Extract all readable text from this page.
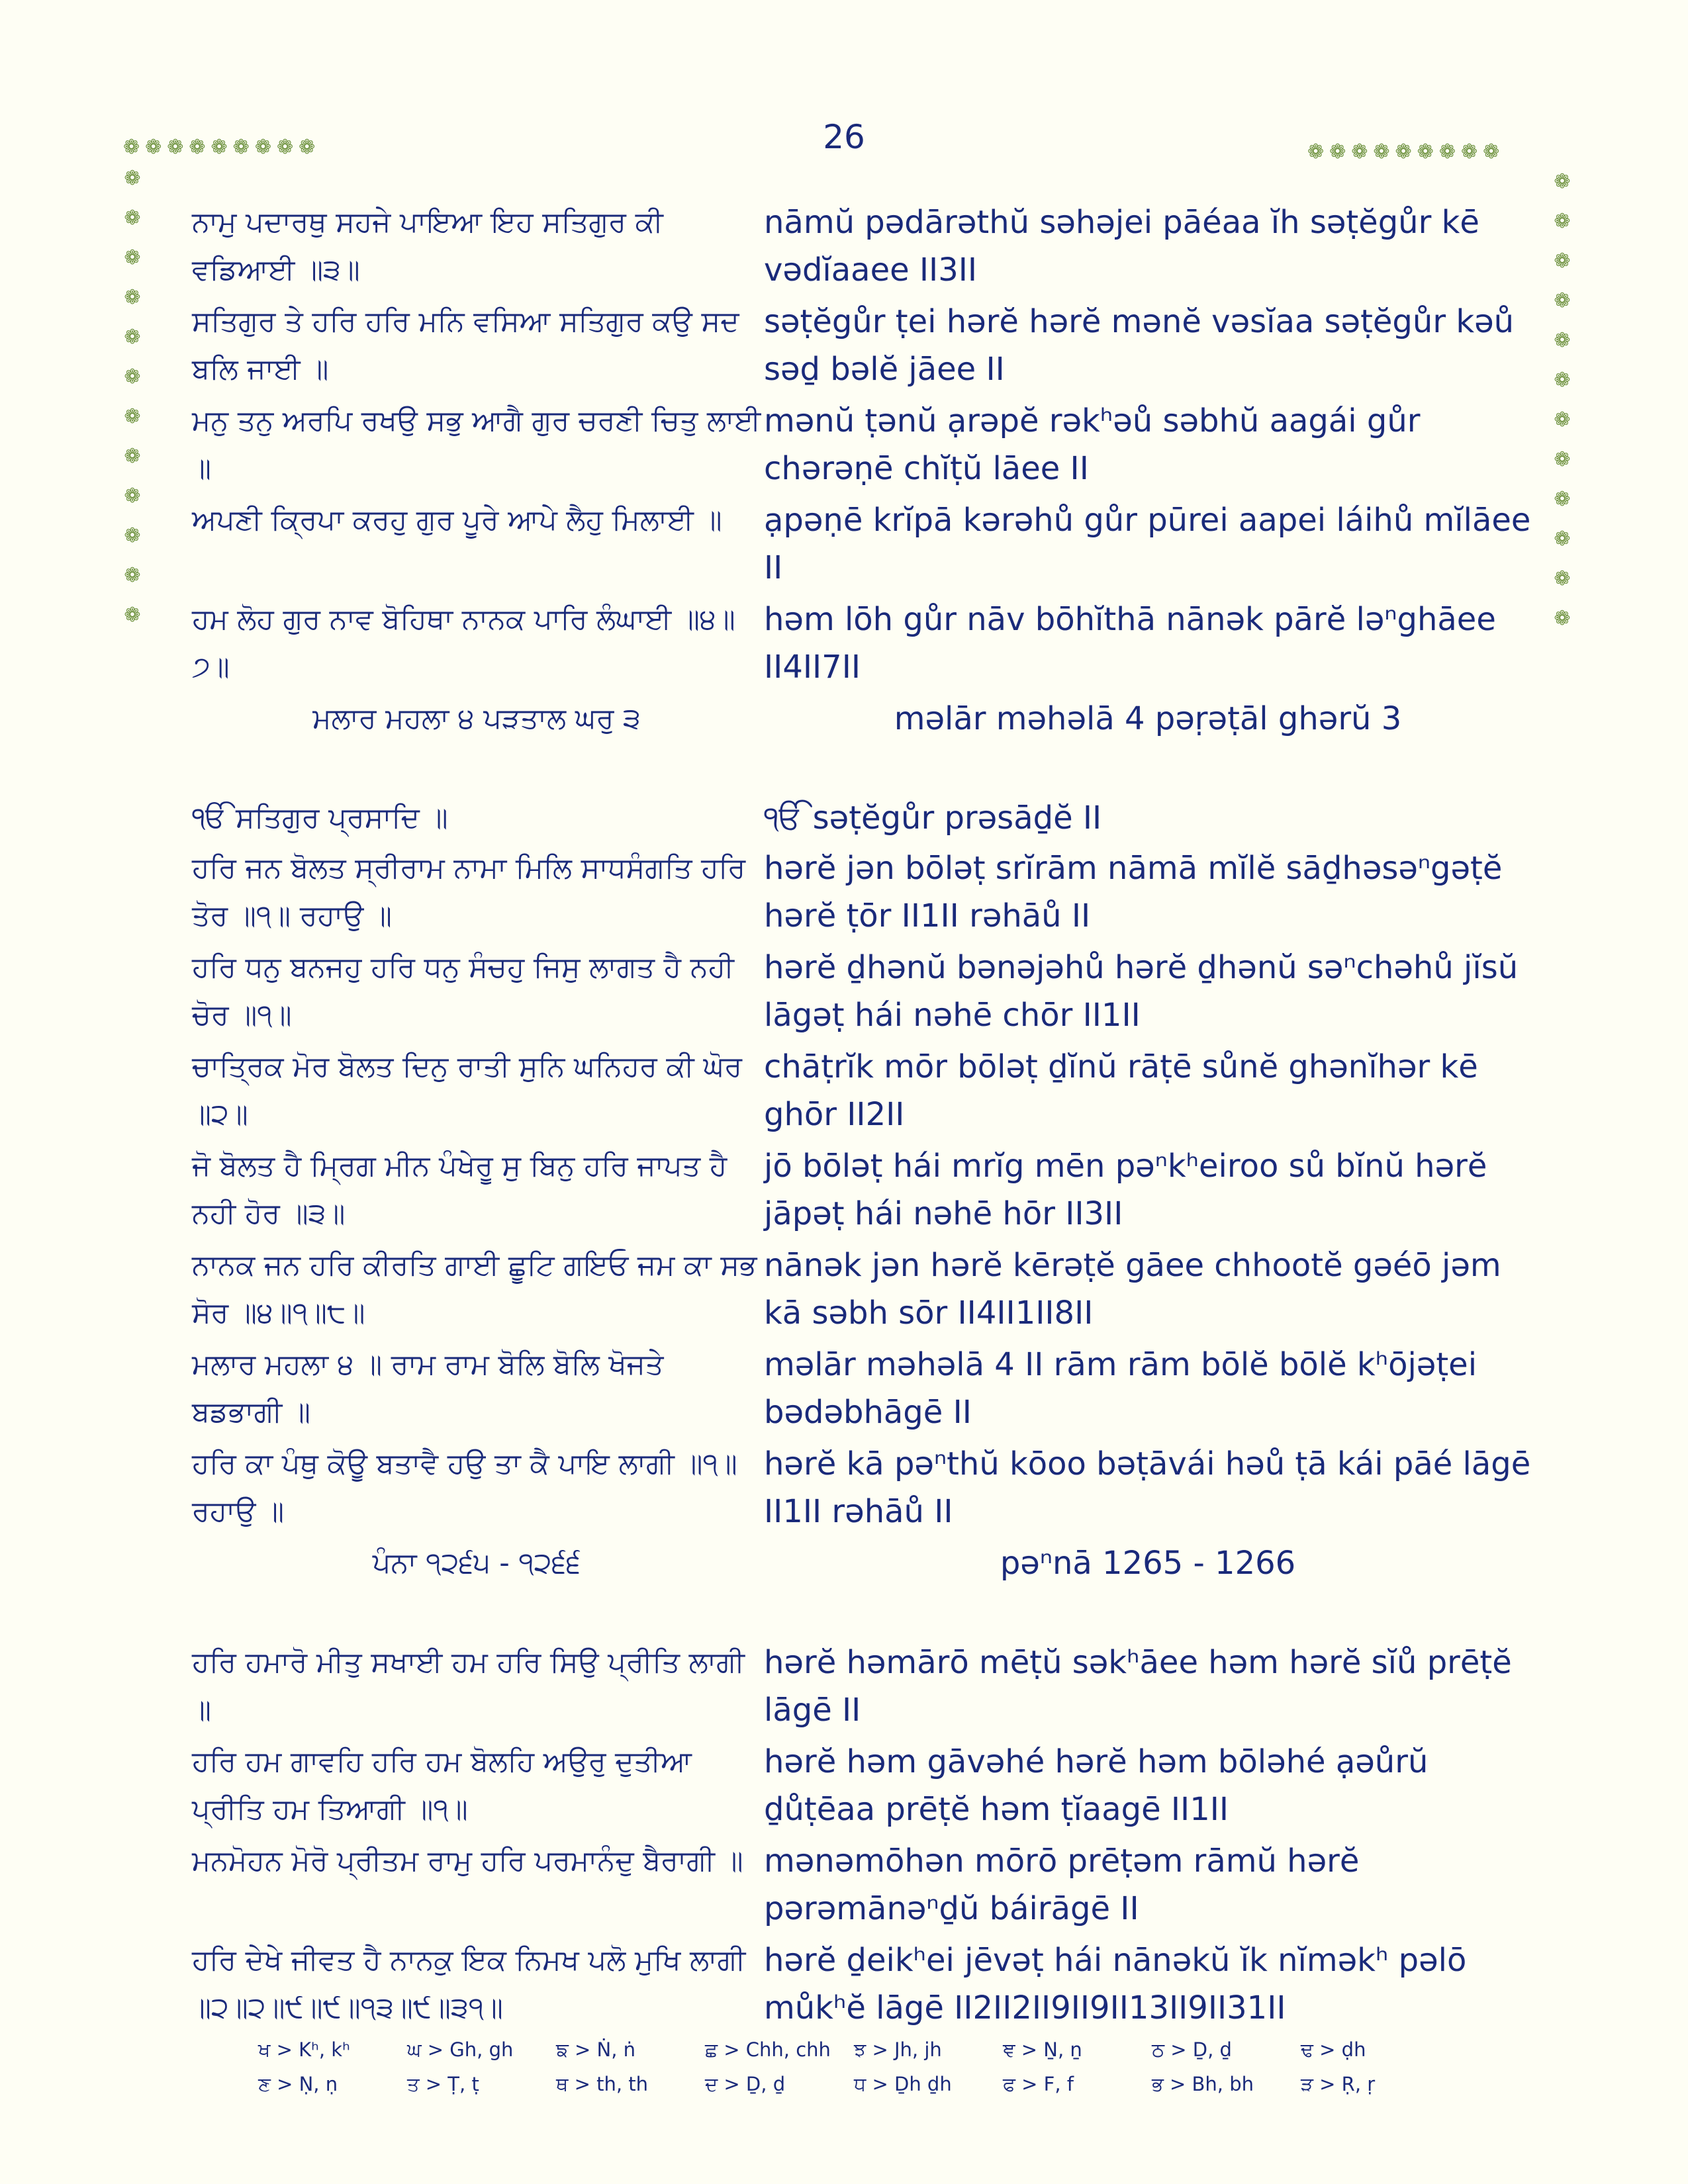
26
❁❁❁❁❁❁❁❁❁	❁❁❁❁❁❁❁❁❁
❁
❁
❁
❁
❁
❁
❁
❁
❁
❁
❁
❁
❁
❁
❁
❁
❁
❁
❁
❁
❁
❁
❁
❁
ਨਾਮੁ ਪਦਾਰਥੁ ਸਹਜੇ ਪਾਇਆ ਇਹ ਸਤਿਗੁਰ ਕੀ ਵਡਿਆਈ ॥੩॥
nāmŭ pədārəthŭ səhəjei pāéaa ĭh səṭĕgůr kē vədĭaaee II3II
ਸਤਿਗੁਰ ਤੇ ਹਰਿ ਹਰਿ ਮਨਿ ਵਸਿਆ ਸਤਿਗੁਰ ਕਉ ਸਦ ਬਲਿ ਜਾਈ ॥
səṭĕgůr ṭei hərĕ hərĕ mənĕ vəsĭaa səṭĕgůr kəů səḏ bəlĕ jāee II
ਮਨੁ ਤਨੁ ਅਰਪਿ ਰਖਉ ਸਭੁ ਆਗੈ ਗੁਰ ਚਰਣੀ ਚਿਤੁ ਲਾਈ ॥
mənŭ ṭənŭ ạrəpĕ rəkʰəů səbhŭ aagái gůr chərəṇē chĭṭŭ lāee II
ਅਪਣੀ ਕ੍ਰਿਪਾ ਕਰਹੁ ਗੁਰ ਪੂਰੇ ਆਪੇ ਲੈਹੁ ਮਿਲਾਈ ॥	ạpəṇē krĭpā kərəhů gůr pūrei aapei láihů mĭlāee II
ਹਮ ਲੋਹ ਗੁਰ ਨਾਵ ਬੋਹਿਥਾ ਨਾਨਕ ਪਾਰਿ ਲੰਘਾਈ ॥੪॥੭॥
həm lōh gůr nāv bōhĭthā nānək pārĕ ləⁿghāee II4II7II
ਮਲਾਰ ਮਹਲਾ ੪ ਪੜਤਾਲ ਘਰੁ ੩	məlār məhəlā 4 pəṛəṭāl ghərŭ 3
ੴ ਸਤਿਗੁਰ ਪ੍ਰਸਾਦਿ ॥	ੴ səṭĕgůr prəsāḏĕ II
ਹਰਿ ਜਨ ਬੋਲਤ ਸ੍ਰੀਰਾਮ ਨਾਮਾ ਮਿਲਿ ਸਾਧਸੰਗਤਿ ਹਰਿ ਤੋਰ ॥੧॥ ਰਹਾਉ ॥
hərĕ jən bōləṭ srĭrām nāmā mĭlĕ sāḏhəsəⁿgəṭĕ hərĕ ṭōr II1II rəhāů II
ਹਰਿ ਧਨੁ ਬਨਜਹੁ ਹਰਿ ਧਨੁ ਸੰਚਹੁ ਜਿਸੁ ਲਾਗਤ ਹੈ ਨਹੀ ਚੋਰ ॥੧॥
hərĕ ḏhənŭ bənəjəhů hərĕ ḏhənŭ səⁿchəhů jĭsŭ lāgəṭ hái nəhē chōr II1II
ਚਾਤ੍ਰਿਕ ਮੋਰ ਬੋਲਤ ਦਿਨੁ ਰਾਤੀ ਸੁਨਿ ਘਨਿਹਰ ਕੀ ਘੋਰ ॥੨॥
chāṭrĭk mōr bōləṭ ḏĭnŭ rāṭē sůnĕ ghənĭhər kē ghōr II2II
ਜੋ ਬੋਲਤ ਹੈ ਮ੍ਰਿਗ ਮੀਨ ਪੰਖੇਰੂ ਸੁ ਬਿਨੁ ਹਰਿ ਜਾਪਤ ਹੈ ਨਹੀ ਹੋਰ ॥੩॥
jō bōləṭ hái mrĭg mēn pəⁿkʰeiroo sů bĭnŭ hərĕ jāpəṭ hái nəhē hōr II3II
ਨਾਨਕ ਜਨ ਹਰਿ ਕੀਰਤਿ ਗਾਈ ਛੂਟਿ ਗਇਓ ਜਮ ਕਾ ਸਭ ਸੋਰ ॥੪॥੧॥੮॥
nānək jən hərĕ kērəṭĕ gāee chhootĕ gəéō jəm kā səbh sōr II4II1II8II
ਮਲਾਰ ਮਹਲਾ ੪ ॥ ਰਾਮ ਰਾਮ ਬੋਲਿ ਬੋਲਿ ਖੋਜਤੇ ਬਡਭਾਗੀ ॥
məlār məhəlā 4 II rām rām bōlĕ bōlĕ kʰōjəṭei bədəbhāgē II
ਹਰਿ ਕਾ ਪੰਥੁ ਕੋਊ ਬਤਾਵੈ ਹਉ ਤਾ ਕੈ ਪਾਇ ਲਾਗੀ ॥੧॥ ਰਹਾਉ ॥
hərĕ kā pəⁿthŭ kōoo bəṭāvái həů ṭā kái pāé lāgē II1II rəhāů II
ਪੰਨਾ ੧੨੬੫ - ੧੨੬੬	pəⁿnā 1265 - 1266
ਹਰਿ ਹਮਾਰੋ ਮੀਤੁ ਸਖਾਈ ਹਮ ਹਰਿ ਸਿਉ ਪ੍ਰੀਤਿ ਲਾਗੀ ॥
hərĕ həmārō mēṭŭ səkʰāee həm hərĕ sĭů prēṭĕ lāgē II
ਹਰਿ ਹਮ ਗਾਵਹਿ ਹਰਿ ਹਮ ਬੋਲਹਿ ਅਉਰੁ ਦੁਤੀਆ ਪ੍ਰੀਤਿ ਹਮ ਤਿਆਗੀ ॥੧॥
hərĕ həm gāvəhé hərĕ həm bōləhé ạəůrŭ ḏůṭēaa prēṭĕ həm ṭĭaagē II1II
ਮਨਮੋਹਨ ਮੋਰੋ ਪ੍ਰੀਤਮ ਰਾਮੁ ਹਰਿ ਪਰਮਾਨੰਦੁ ਬੈਰਾਗੀ ॥ mənəmōhən mōrō prēṭəm rāmŭ hərĕ pərəmānəⁿḏŭ báirāgē II
ਹਰਿ ਦੇਖੇ ਜੀਵਤ ਹੈ ਨਾਨਕੁ ਇਕ ਨਿਮਖ ਪਲੋ ਮੁਖਿ ਲਾਗੀ ॥੨॥੨॥੯॥੯॥੧੩॥੯॥੩੧॥
hərĕ ḏeikʰei jēvəṭ hái nānəkŭ ĭk nĭməkʰ pəlō můkʰĕ lāgē II2II2II9II9II13II9II31II
ਖ > Kʰ, kʰ	ਘ > Gh, gh	ਙ > Ṅ, ṅ	ਛ > Chh, chh	ਝ > Jh, jh	ਞ > Ṉ, ṉ	ਠ > Ḏ, ḏ	ਢ > ḍh
ਣ > Ṇ, ṇ	ਤ > Ṭ, ṭ	ਥ > th, th	ਦ > Ḏ, ḏ	ਧ > Ḏh ḏh	ਫ > F, f	ਭ > Bh, bh	ੜ > Ṛ, ṛ
